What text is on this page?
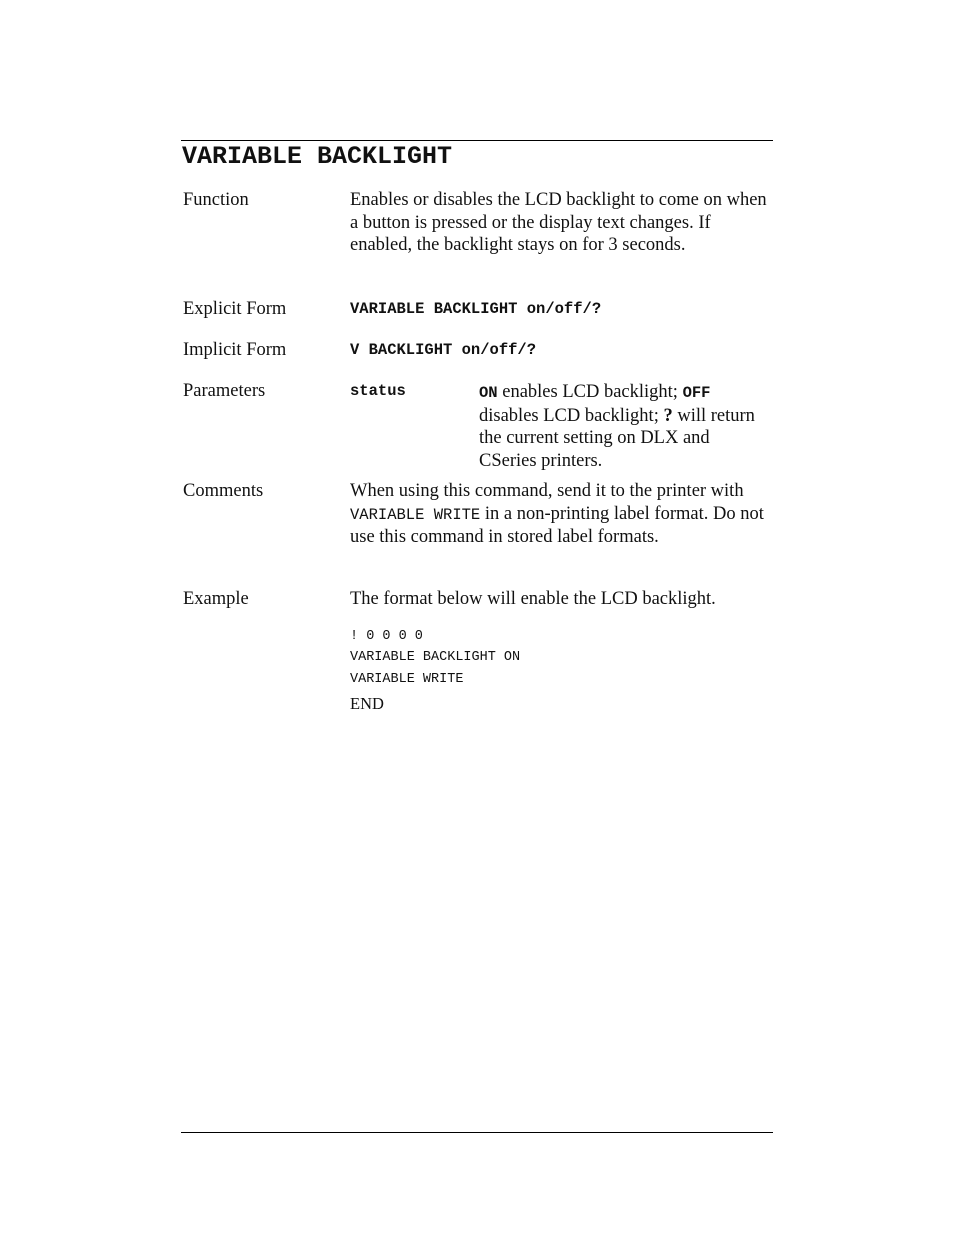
VARIABLE BACKLIGHT
Function	Enables or disables the LCD backlight to come on when a button is pressed or the display text changes. If enabled, the backlight stays on for 3 seconds.
Explicit Form	VARIABLE BACKLIGHT on/off/?
Implicit Form	V BACKLIGHT on/off/?
Parameters	status	ON enables LCD backlight; OFF disables LCD backlight; ? will return the current setting on DLX and CSeries printers.
Comments	When using this command, send it to the printer with VARIABLE WRITE in a non-printing label format. Do not use this command in stored label formats.
Example	The format below will enable the LCD backlight.
! 0 0 0 0
VARIABLE BACKLIGHT ON
VARIABLE WRITE
END
